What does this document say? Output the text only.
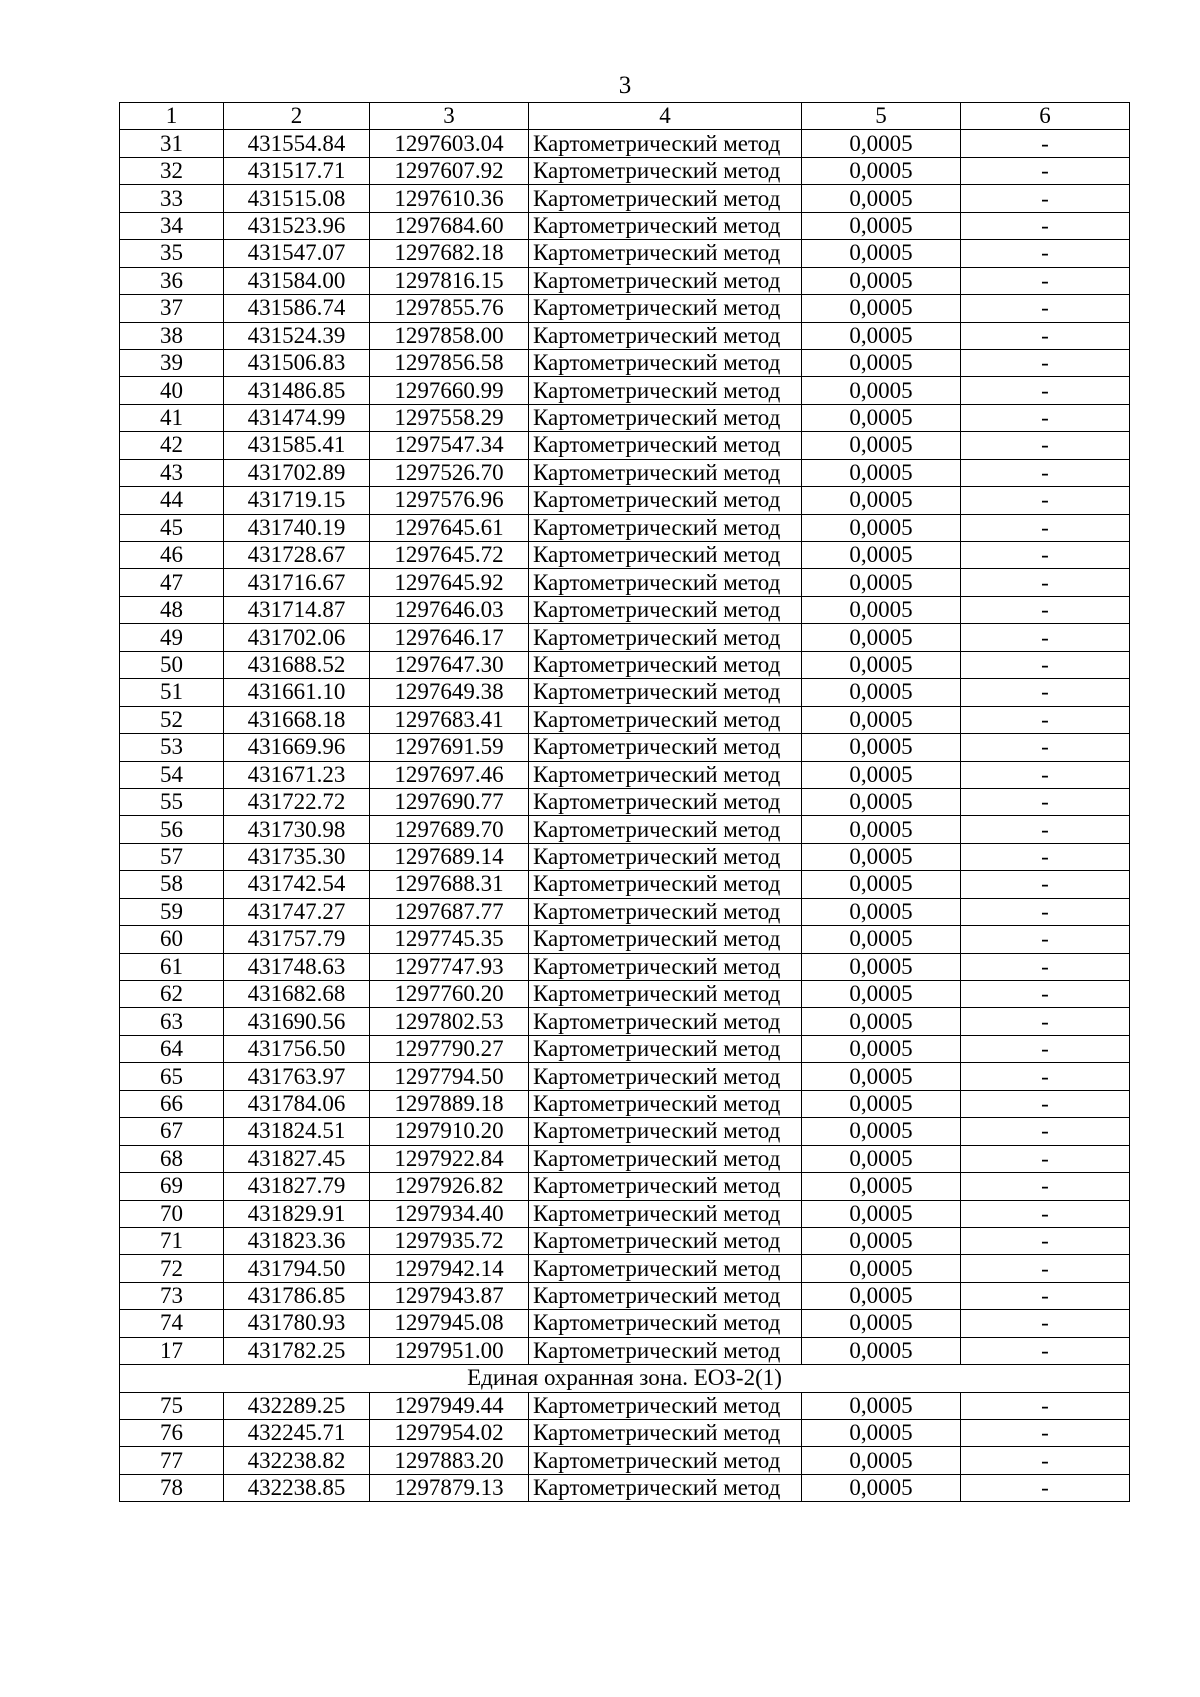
3
1	2	3	4	5	6
31	431554.84	1297603.04	Картометрический метод	0,0005	-
32	431517.71	1297607.92	Картометрический метод	0,0005	-
33	431515.08	1297610.36	Картометрический метод	0,0005	-
34	431523.96	1297684.60	Картометрический метод	0,0005	-
35	431547.07	1297682.18	Картометрический метод	0,0005	-
36	431584.00	1297816.15	Картометрический метод	0,0005	-
37	431586.74	1297855.76	Картометрический метод	0,0005	-
38	431524.39	1297858.00	Картометрический метод	0,0005	-
39	431506.83	1297856.58	Картометрический метод	0,0005	-
40	431486.85	1297660.99	Картометрический метод	0,0005	-
41	431474.99	1297558.29	Картометрический метод	0,0005	-
42	431585.41	1297547.34	Картометрический метод	0,0005	-
43	431702.89	1297526.70	Картометрический метод	0,0005	-
44	431719.15	1297576.96	Картометрический метод	0,0005	-
45	431740.19	1297645.61	Картометрический метод	0,0005	-
46	431728.67	1297645.72	Картометрический метод	0,0005	-
47	431716.67	1297645.92	Картометрический метод	0,0005	-
48	431714.87	1297646.03	Картометрический метод	0,0005	-
49	431702.06	1297646.17	Картометрический метод	0,0005	-
50	431688.52	1297647.30	Картометрический метод	0,0005	-
51	431661.10	1297649.38	Картометрический метод	0,0005	-
52	431668.18	1297683.41	Картометрический метод	0,0005	-
53	431669.96	1297691.59	Картометрический метод	0,0005	-
54	431671.23	1297697.46	Картометрический метод	0,0005	-
55	431722.72	1297690.77	Картометрический метод	0,0005	-
56	431730.98	1297689.70	Картометрический метод	0,0005	-
57	431735.30	1297689.14	Картометрический метод	0,0005	-
58	431742.54	1297688.31	Картометрический метод	0,0005	-
59	431747.27	1297687.77	Картометрический метод	0,0005	-
60	431757.79	1297745.35	Картометрический метод	0,0005	-
61	431748.63	1297747.93	Картометрический метод	0,0005	-
62	431682.68	1297760.20	Картометрический метод	0,0005	-
63	431690.56	1297802.53	Картометрический метод	0,0005	-
64	431756.50	1297790.27	Картометрический метод	0,0005	-
65	431763.97	1297794.50	Картометрический метод	0,0005	-
66	431784.06	1297889.18	Картометрический метод	0,0005	-
67	431824.51	1297910.20	Картометрический метод	0,0005	-
68	431827.45	1297922.84	Картометрический метод	0,0005	-
69	431827.79	1297926.82	Картометрический метод	0,0005	-
70	431829.91	1297934.40	Картометрический метод	0,0005	-
71	431823.36	1297935.72	Картометрический метод	0,0005	-
72	431794.50	1297942.14	Картометрический метод	0,0005	-
73	431786.85	1297943.87	Картометрический метод	0,0005	-
74	431780.93	1297945.08	Картометрический метод	0,0005	-
17	431782.25	1297951.00	Картометрический метод	0,0005	-
Единая охранная зона. ЕОЗ-2(1)					
75	432289.25	1297949.44	Картометрический метод	0,0005	-
76	432245.71	1297954.02	Картометрический метод	0,0005	-
77	432238.82	1297883.20	Картометрический метод	0,0005	-
78	432238.85	1297879.13	Картометрический метод	0,0005	-
